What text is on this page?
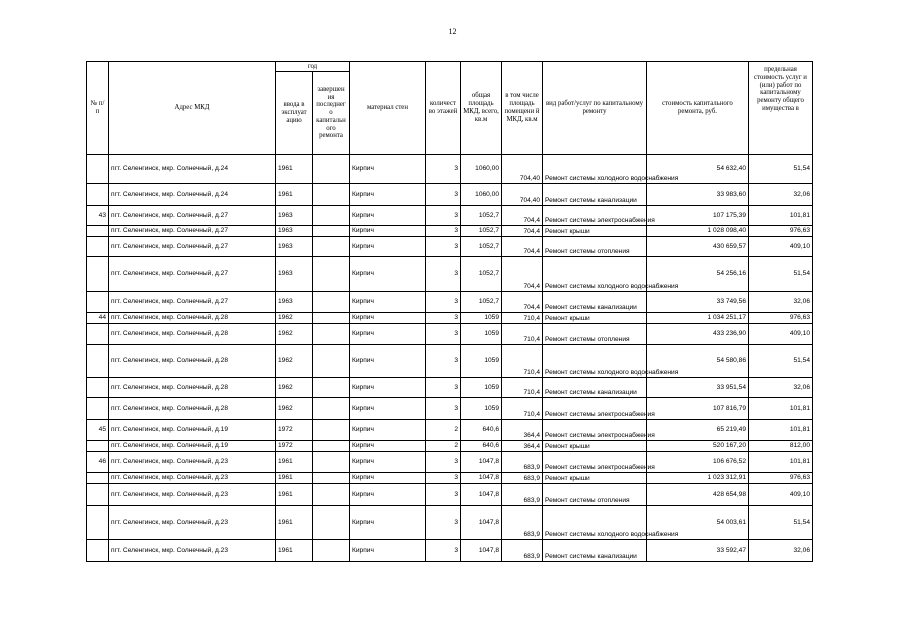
12
№ п/п	Адрес МКД	год		материал стен	количест во этажей	общая площадь МКД, всего, кв.м	в том числе площадь помещени й МКД, кв.м	вид работ/услуг по капитальному ремонту	стоимость капитального ремонта, руб.	предельная стоимость услуг и (или) работ по капитальному ремонту общего имущества в

		ввода в эксплуат ацию	завершен ия последнег о капитальн ого ремонта							
	пгт. Селенгинск, мкр. Солнечный, д.24	1961		Кирпич	3	1060,00	704,40	Ремонт системы холодного водоснабжения	54 632,40	51,54
	пгт. Селенгинск, мкр. Солнечный, д.24	1961		Кирпич	3	1060,00	704,40	Ремонт системы канализации	33 983,60	32,06
43	пгт. Селенгинск, мкр. Солнечный, д.27	1963		Кирпич	3	1052,7	704,4	Ремонт системы электроснабжения	107 175,39	101,81
	пгт. Селенгинск, мкр. Солнечный, д.27	1963		Кирпич	3	1052,7	704,4	Ремонт крыши	1 028 098,40	976,63
	пгт. Селенгинск, мкр. Солнечный, д.27	1963		Кирпич	3	1052,7	704,4	Ремонт системы отопления	430 659,57	409,10
	пгт. Селенгинск, мкр. Солнечный, д.27	1963		Кирпич	3	1052,7	704,4	Ремонт системы холодного водоснабжения	54 256,16	51,54
	пгт. Селенгинск, мкр. Солнечный, д.27	1963		Кирпич	3	1052,7	704,4	Ремонт системы канализации	33 749,56	32,06
44	пгт. Селенгинск, мкр. Солнечный, д.28	1962		Кирпич	3	1059	710,4	Ремонт крыши	1 034 251,17	976,63
	пгт. Селенгинск, мкр. Солнечный, д.28	1962		Кирпич	3	1059	710,4	Ремонт системы отопления	433 236,90	409,10
	пгт. Селенгинск, мкр. Солнечный, д.28	1962		Кирпич	3	1059	710,4	Ремонт системы холодного водоснабжения	54 580,86	51,54
	пгт. Селенгинск, мкр. Солнечный, д.28	1962		Кирпич	3	1059	710,4	Ремонт системы канализации	33 951,54	32,06
	пгт. Селенгинск, мкр. Солнечный, д.28	1962		Кирпич	3	1059	710,4	Ремонт системы электроснабжения	107 816,79	101,81
45	пгт. Селенгинск, мкр. Солнечный, д.19	1972		Кирпич	2	640,6	364,4	Ремонт системы электроснабжения	65 219,49	101,81
	пгт. Селенгинск, мкр. Солнечный, д.19	1972		Кирпич	2	640,6	364,4	Ремонт крыши	520 167,20	812,00
46	пгт. Селенгинск, мкр. Солнечный, д.23	1961		Кирпич	3	1047,8	683,9	Ремонт системы электроснабжения	106 676,52	101,81
	пгт. Селенгинск, мкр. Солнечный, д.23	1961		Кирпич	3	1047,8	683,9	Ремонт крыши	1 023 312,91	976,63
	пгт. Селенгинск, мкр. Солнечный, д.23	1961		Кирпич	3	1047,8	683,9	Ремонт системы отопления	428 654,98	409,10
	пгт. Селенгинск, мкр. Солнечный, д.23	1961		Кирпич	3	1047,8	683,9	Ремонт системы холодного водоснабжения	54 003,61	51,54
	пгт. Селенгинск, мкр. Солнечный, д.23	1961		Кирпич	3	1047,8	683,9	Ремонт системы канализации	33 592,47	32,06
